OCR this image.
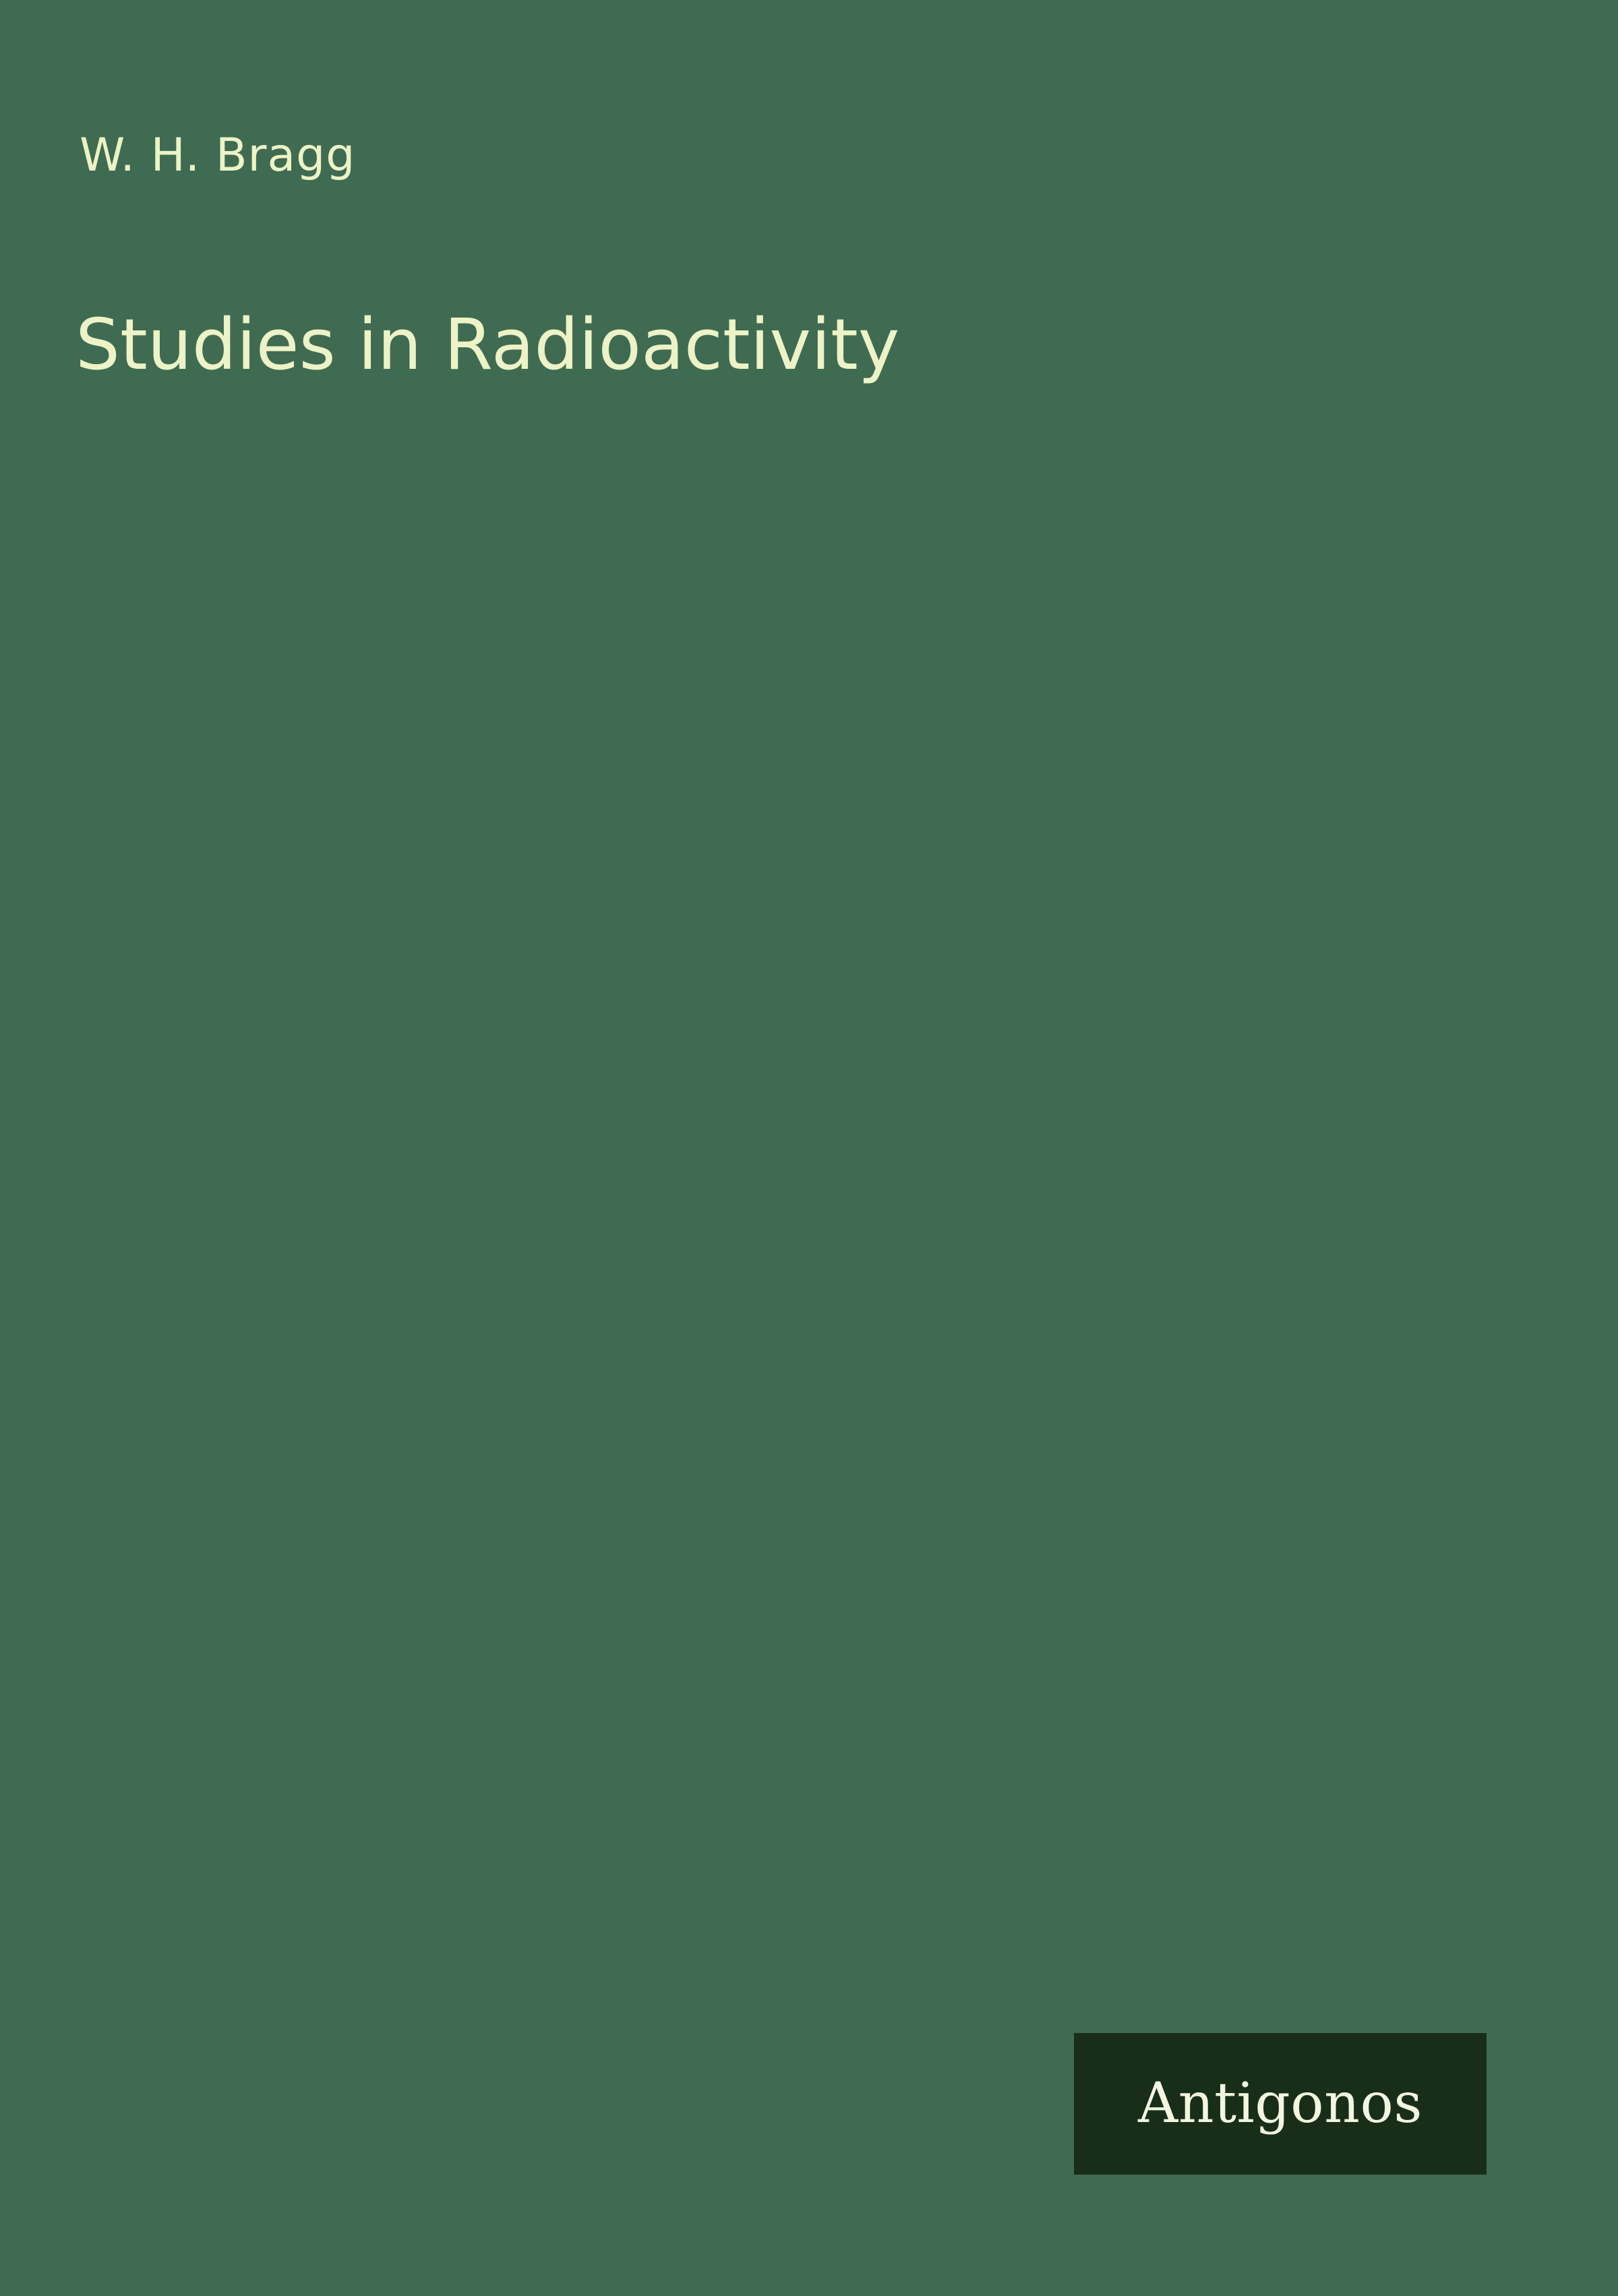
W. H. Bragg
Studies in Radioactivity
Antigonos
